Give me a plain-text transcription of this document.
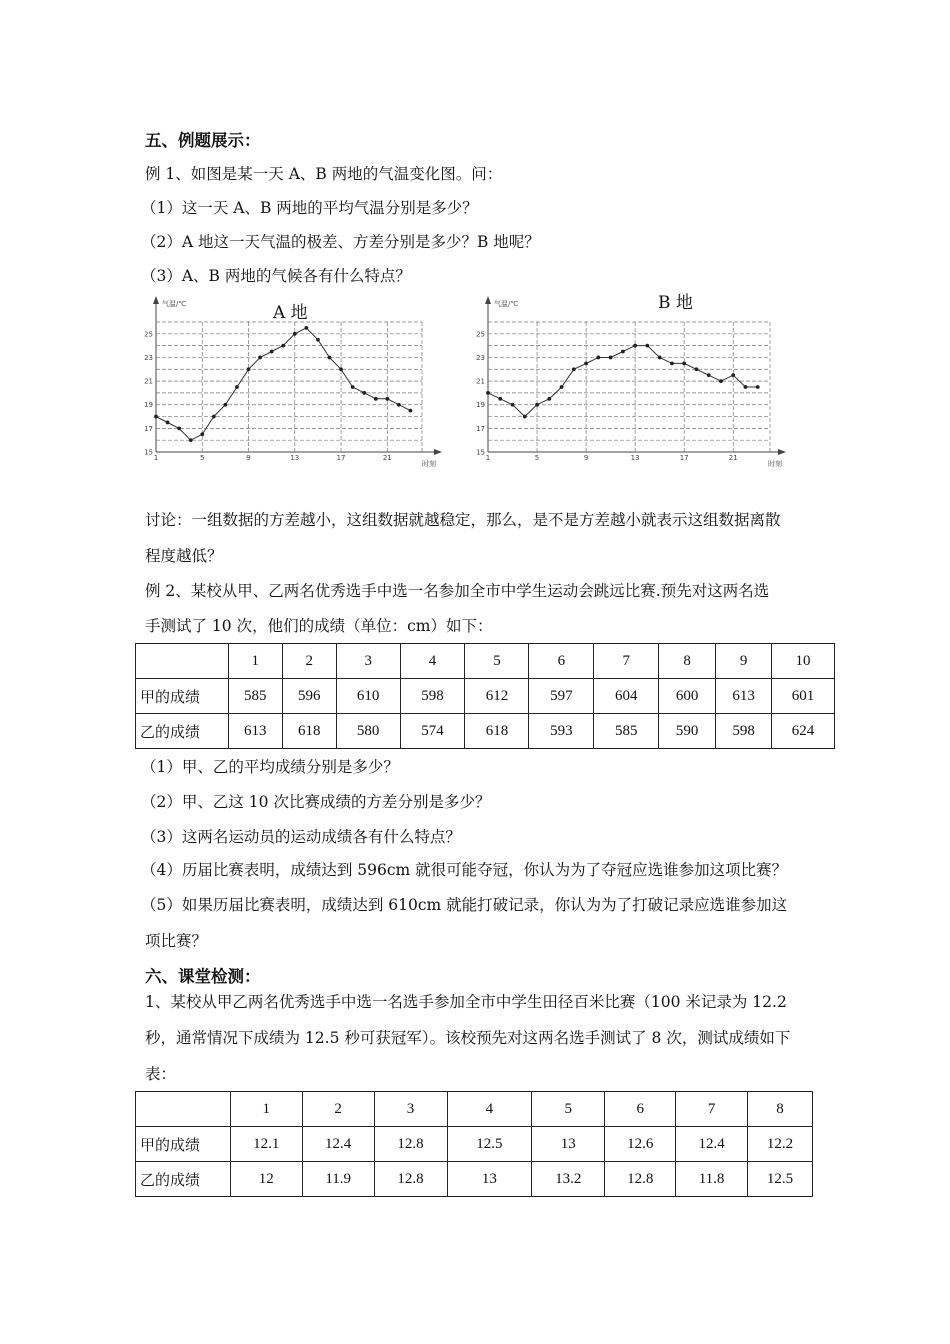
五、例题展示：
例 1、如图是某一天 A、B 两地的气温变化图。问：
（1）这一天 A、B 两地的平均气温分别是多少？
（2）A 地这一天气温的极差、方差分别是多少？B 地呢？
（3）A、B 两地的气候各有什么特点？
气温/℃
时刻
A 地
1	5	9	13	17	21
15
17
19
21
23
25
气温/℃
时刻
B 地
1	5	9	13	17	21
15
17
19
21
23
25
讨论：一组数据的方差越小，这组数据就越稳定，那么，是不是方差越小就表示这组数据离散
程度越低？
例 2、某校从甲、乙两名优秀选手中选一名参加全市中学生运动会跳远比赛.预先对这两名选
手测试了 10 次，他们的成绩（单位：cm）如下：
	1	2	3	4	5	6	7	8	9	10
甲的成绩	585	596	610	598	612	597	604	600	613	601
乙的成绩	613	618	580	574	618	593	585	590	598	624
（1）甲、乙的平均成绩分别是多少？
（2）甲、乙这 10 次比赛成绩的方差分别是多少？
（3）这两名运动员的运动成绩各有什么特点？
（4）历届比赛表明，成绩达到 596cm 就很可能夺冠，你认为为了夺冠应选谁参加这项比赛？
（5）如果历届比赛表明，成绩达到 610cm 就能打破记录，你认为为了打破记录应选谁参加这
项比赛？
六、课堂检测：
1、某校从甲乙两名优秀选手中选一名选手参加全市中学生田径百米比赛（100 米记录为 12.2
秒，通常情况下成绩为 12.5 秒可获冠军）。该校预先对这两名选手测试了 8 次，测试成绩如下
表：
	1	2	3	4	5	6	7	8
甲的成绩	12.1	12.4	12.8	12.5	13	12.6	12.4	12.2
乙的成绩	12	11.9	12.8	13	13.2	12.8	11.8	12.5
